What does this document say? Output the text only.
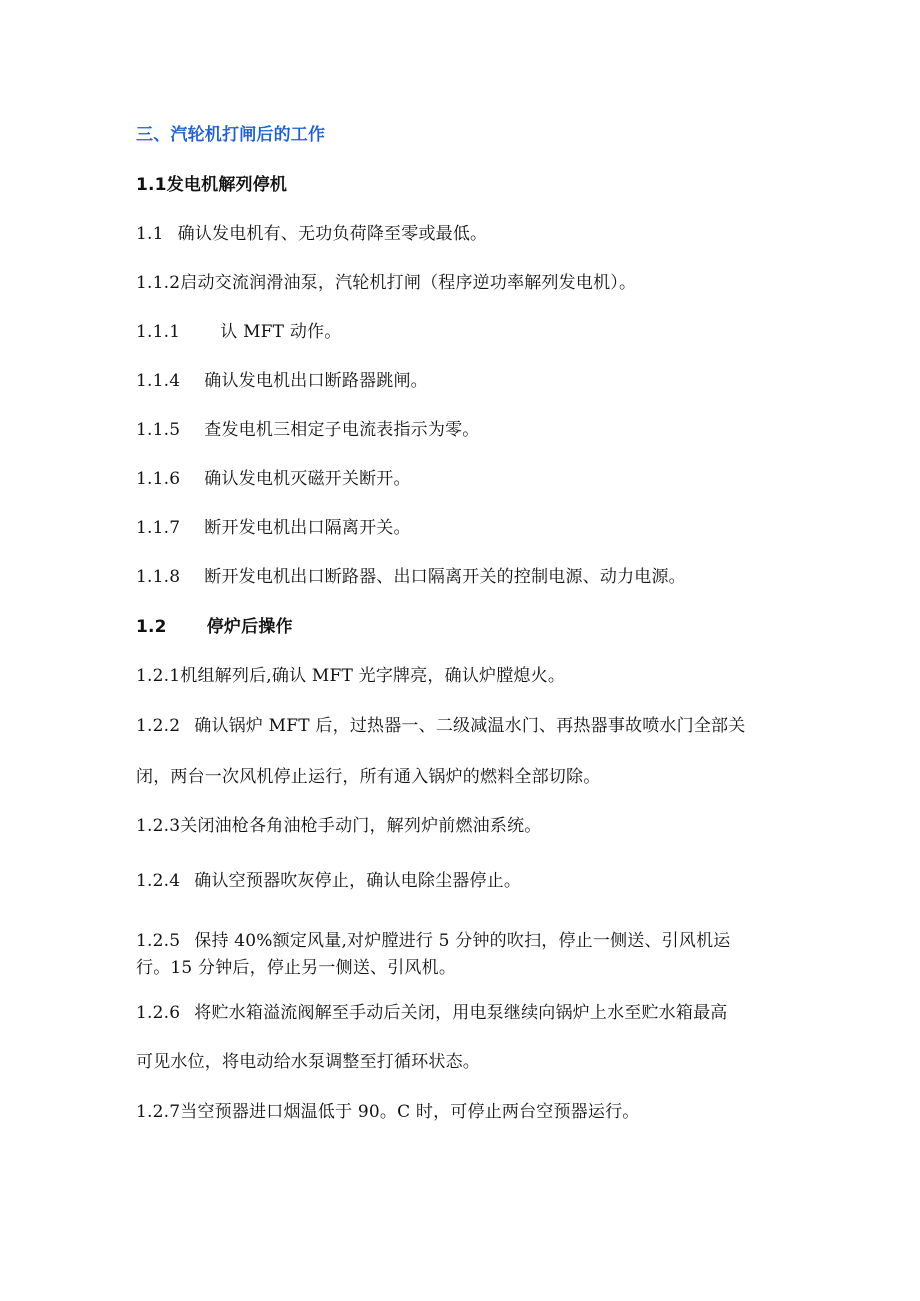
三、汽轮机打闸后的工作
1.1发电机解列停机
1.1 确认发电机有、无功负荷降至零或最低。
1.1.2启动交流润滑油泵，汽轮机打闸（程序逆功率解列发电机）。
1.1.1 认 MFT 动作。
1.1.4 确认发电机出口断路器跳闸。
1.1.5 查发电机三相定子电流表指示为零。
1.1.6 确认发电机灭磁开关断开。
1.1.7 断开发电机出口隔离开关。
1.1.8 断开发电机出口断路器、出口隔离开关的控制电源、动力电源。
1.2 停炉后操作
1.2.1机组解列后,确认 MFT 光字牌亮，确认炉膛熄火。
1.2.2 确认锅炉 MFT 后，过热器一、二级减温水门、再热器事故喷水门全部关
闭，两台一次风机停止运行，所有通入锅炉的燃料全部切除。
1.2.3关闭油枪各角油枪手动门，解列炉前燃油系统。
1.2.4 确认空预器吹灰停止，确认电除尘器停止。
1.2.5 保持 40%额定风量,对炉膛进行 5 分钟的吹扫，停止一侧送、引风机运
行。15 分钟后，停止另一侧送、引风机。
1.2.6 将贮水箱溢流阀解至手动后关闭，用电泵继续向锅炉上水至贮水箱最高
可见水位，将电动给水泵调整至打循环状态。
1.2.7当空预器进口烟温低于 90。C 时，可停止两台空预器运行。
